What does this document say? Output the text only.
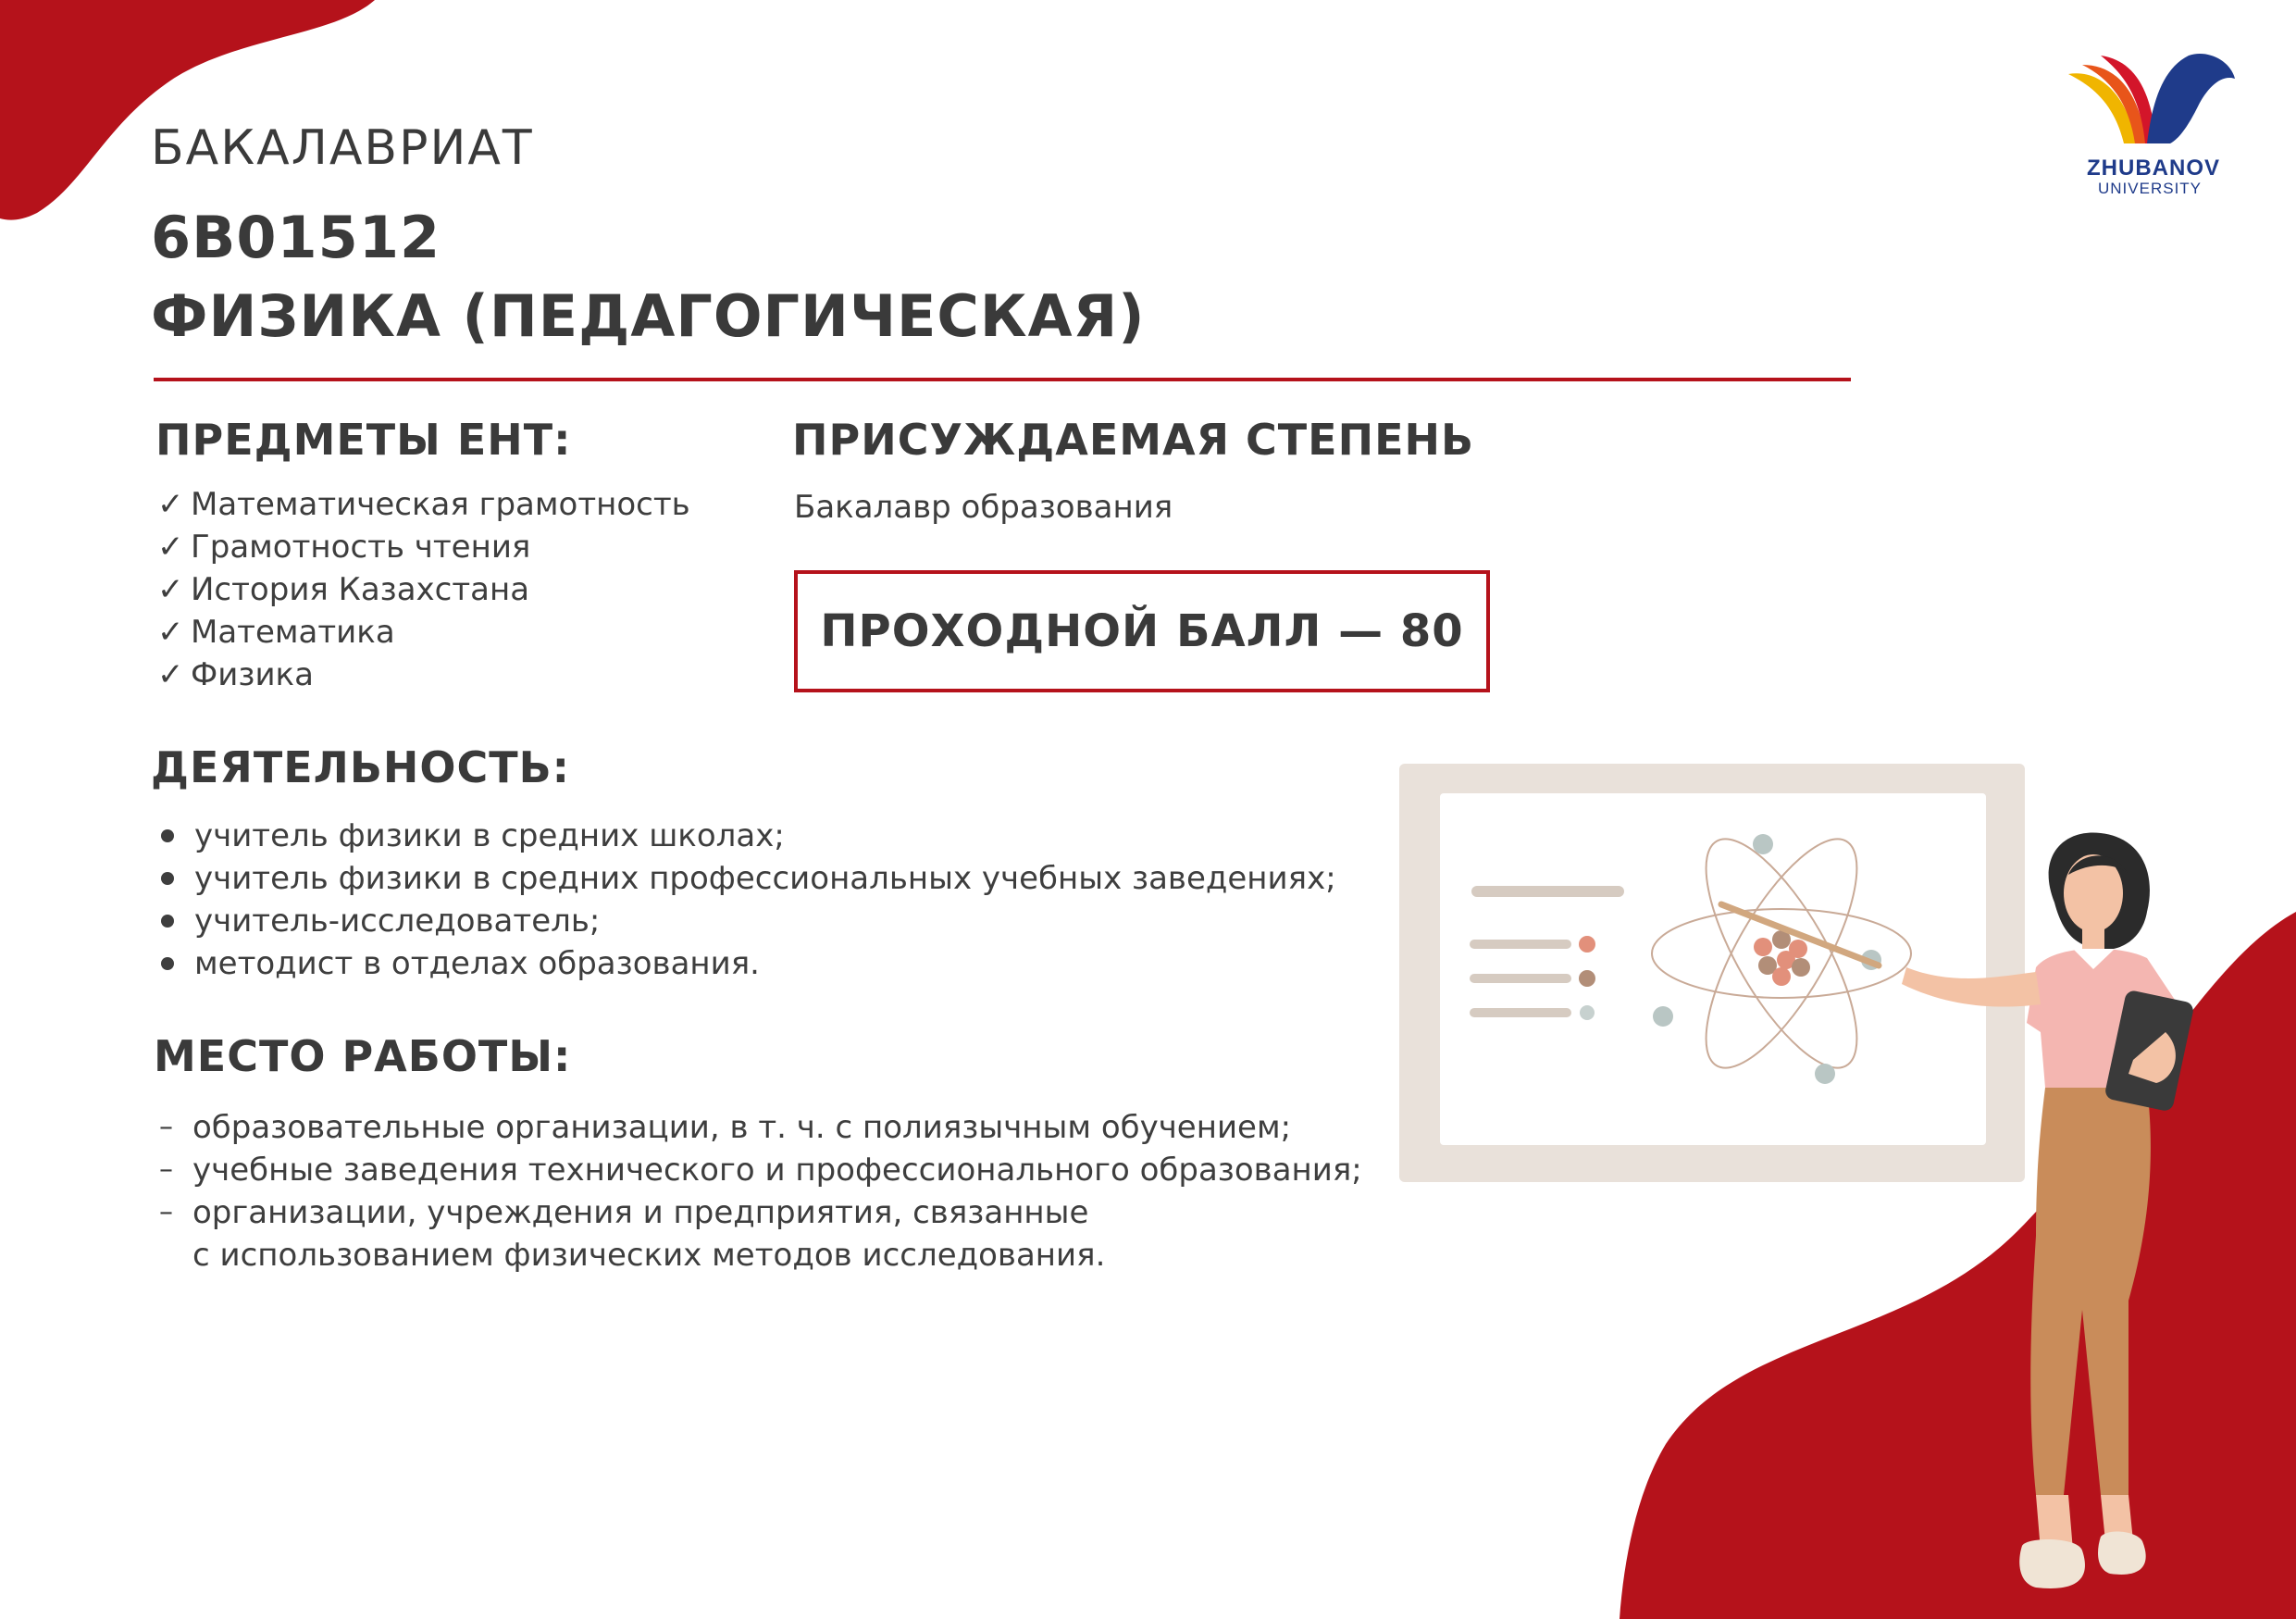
БАКАЛАВРИАТ
6B01512
ФИЗИКА (ПЕДАГОГИЧЕСКАЯ)
ZHUBANOV
UNIVERSITY
ПРЕДМЕТЫ ЕНТ:
✓ Математическая грамотность
✓ Грамотность чтения
✓ История Казахстана
✓ Математика
✓ Физика
ПРИСУЖДАЕМАЯ СТЕПЕНЬ
Бакалавр образования
ПРОХОДНОЙ БАЛЛ — 80
ДЕЯТЕЛЬНОСТЬ:
учитель физики в средних школах;
учитель физики в средних профессиональных учебных заведениях;
учитель-исследователь;
методист в отделах образования.
МЕСТО РАБОТЫ:
– образовательные организации, в т. ч. с полиязычным обучением;
– учебные заведения технического и профессионального образования;
– организации, учреждения и предприятия, связанные
с использованием физических методов исследования.
